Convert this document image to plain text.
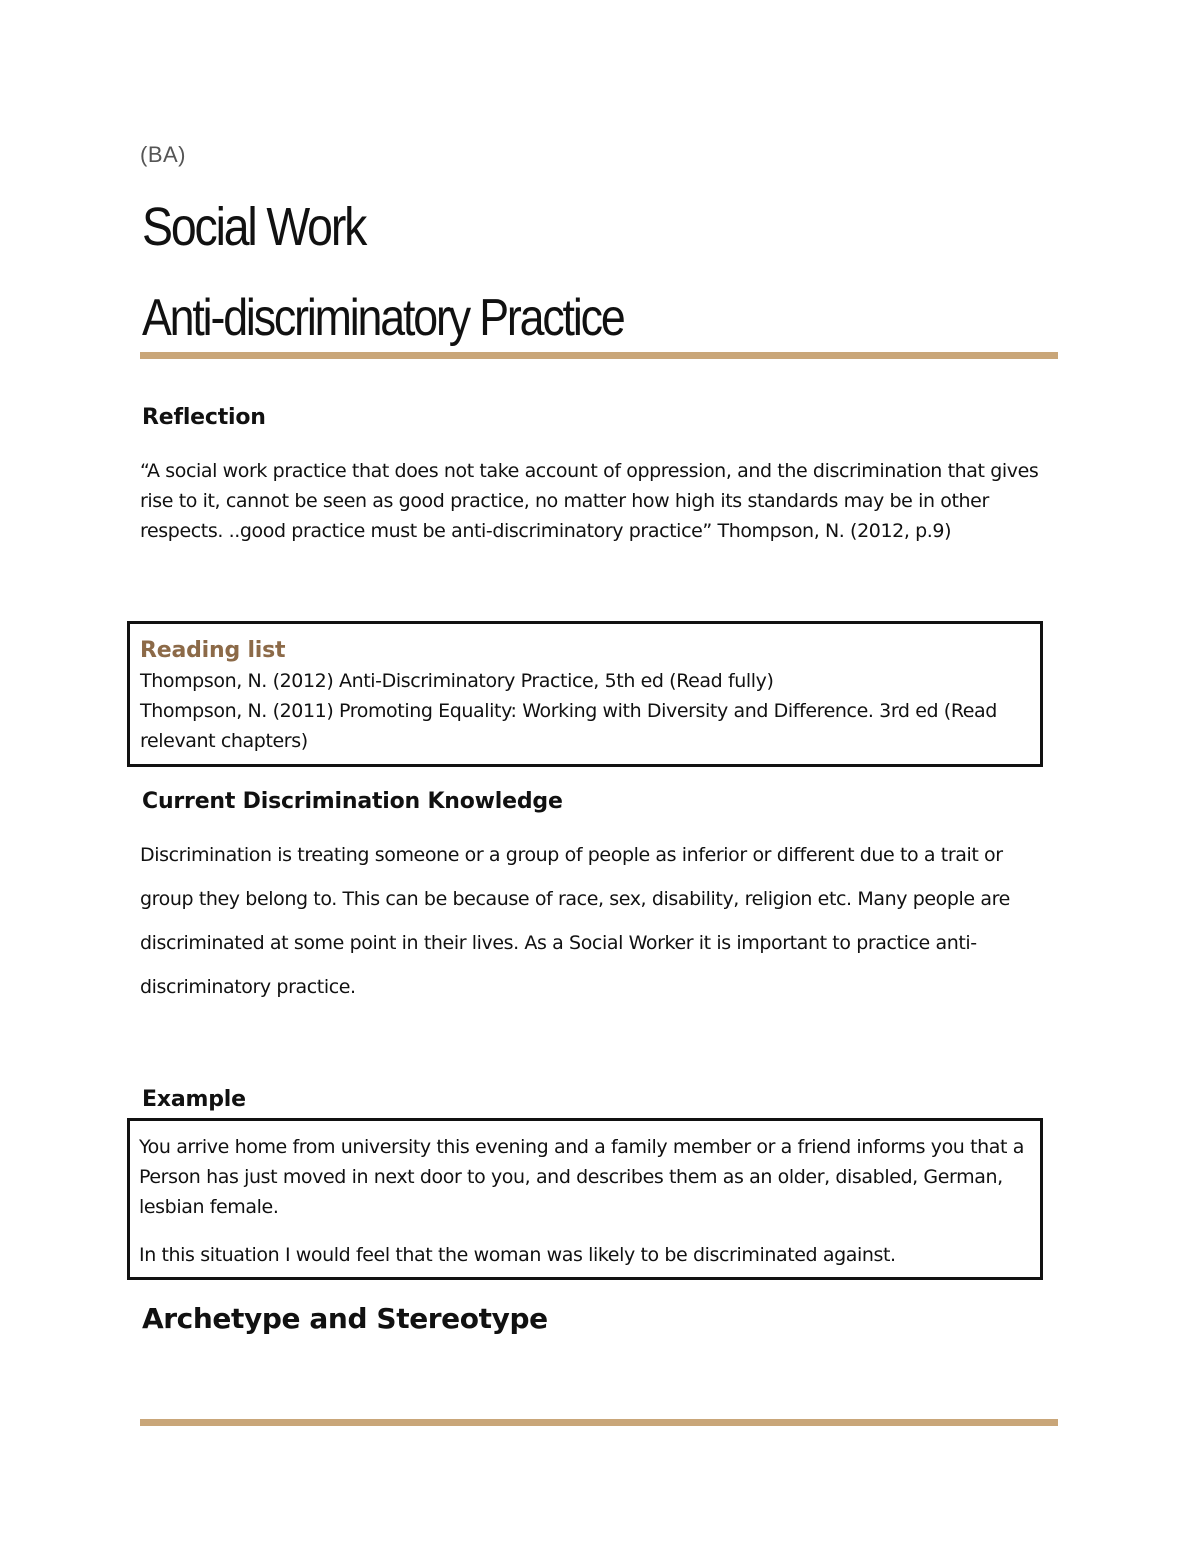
(BA)
Social Work
Anti-discriminatory Practice
Reflection
“A social work practice that does not take account of oppression, and the discrimination that gives rise to it, cannot be seen as good practice, no matter how high its standards may be in other respects. ..good practice must be anti-discriminatory practice” Thompson, N. (2012, p.9)

Reading list

Thompson, N. (2012) Anti-Discriminatory Practice, 5th ed (Read fully)

Thompson, N. (2011) Promoting Equality: Working with Diversity and Difference. 3rd ed (Read relevant chapters)

Current Discrimination Knowledge
Discrimination is treating someone or a group of people as inferior or different due to a trait or group they belong to. This can be because of race, sex, disability, religion etc. Many people are discriminated at some point in their lives. As a Social Worker it is important to practice anti-discriminatory practice.
Example

You arrive home from university this evening and a family member or a friend informs you that a Person has just moved in next door to you, and describes them as an older, disabled, German, lesbian female.

In this situation I would feel that the woman was likely to be discriminated against.

Archetype and Stereotype
